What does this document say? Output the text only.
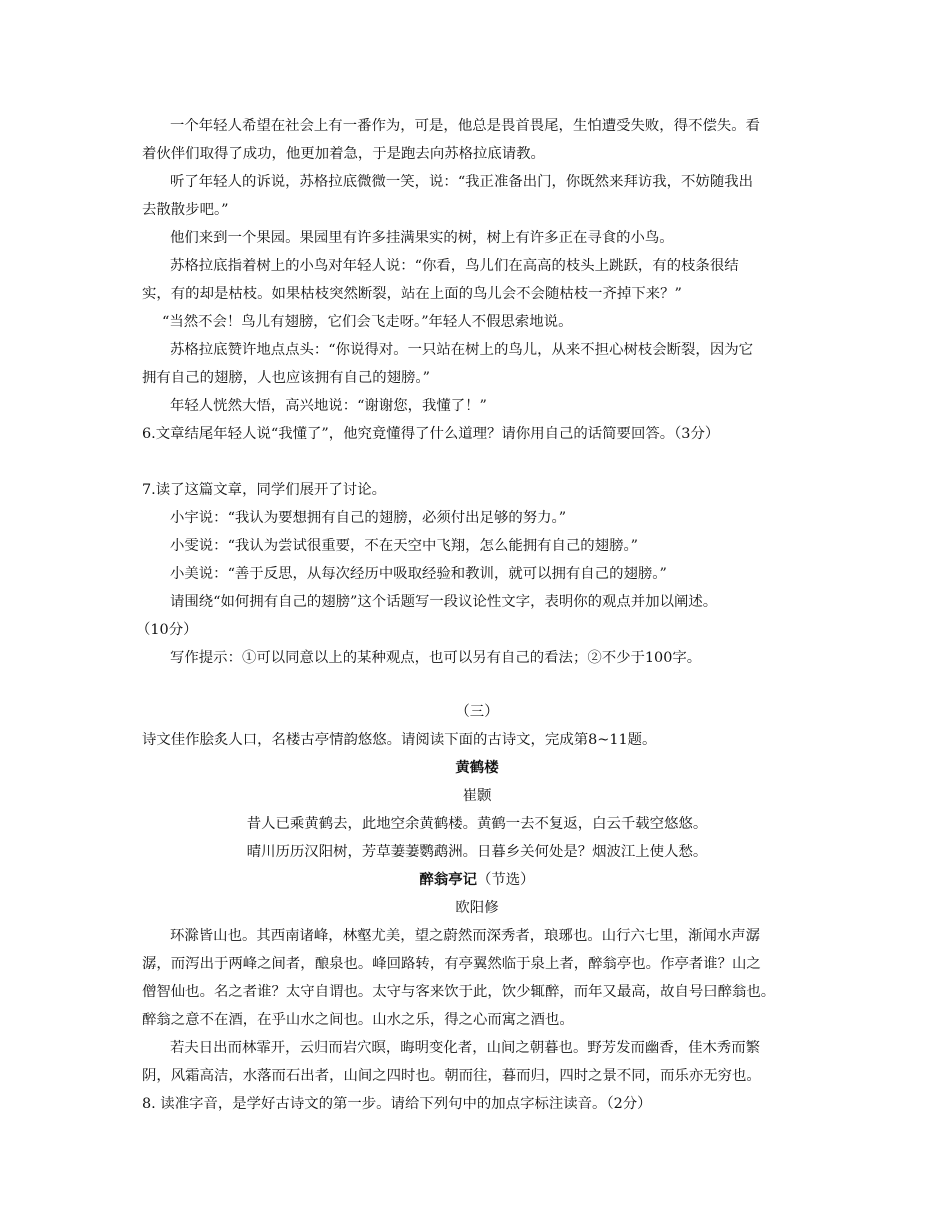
一个年轻人希望在社会上有一番作为，可是，他总是畏首畏尾，生怕遭受失败，得不偿失。看
着伙伴们取得了成功，他更加着急，于是跑去向苏格拉底请教。
听了年轻人的诉说，苏格拉底微微一笑，说：“我正准备出门，你既然来拜访我，不妨随我出
去散散步吧。”
他们来到一个果园。果园里有许多挂满果实的树，树上有许多正在寻食的小鸟。
苏格拉底指着树上的小鸟对年轻人说：“你看，鸟儿们在高高的枝头上跳跃，有的枝条很结
实，有的却是枯枝。如果枯枝突然断裂，站在上面的鸟儿会不会随枯枝一齐掉下来？”
“当然不会！鸟儿有翅膀，它们会飞走呀。”年轻人不假思索地说。
苏格拉底赞许地点点头：“你说得对。一只站在树上的鸟儿，从来不担心树枝会断裂，因为它
拥有自己的翅膀，人也应该拥有自己的翅膀。”
年轻人恍然大悟，高兴地说：“谢谢您，我懂了！”
6.文章结尾年轻人说“我懂了”，他究竟懂得了什么道理？请你用自己的话简要回答。（3分）
7.读了这篇文章，同学们展开了讨论。
小宇说：“我认为要想拥有自己的翅膀，必须付出足够的努力。”
小雯说：“我认为尝试很重要，不在天空中飞翔，怎么能拥有自己的翅膀。”
小美说：“善于反思，从每次经历中吸取经验和教训，就可以拥有自己的翅膀。”
请围绕“如何拥有自己的翅膀”这个话题写一段议论性文字，表明你的观点并加以阐述。
（10分）
写作提示：①可以同意以上的某种观点，也可以另有自己的看法；②不少于100字。
（三）
诗文佳作脍炙人口，名楼古亭情韵悠悠。请阅读下面的古诗文，完成第8~11题。
黄鹤楼
崔颢
昔人已乘黄鹤去，此地空余黄鹤楼。黄鹤一去不复返，白云千载空悠悠。
晴川历历汉阳树，芳草萋萋鹦鹉洲。日暮乡关何处是？烟波江上使人愁。
醉翁亭记（节选）
欧阳修
环滁皆山也。其西南诸峰，林壑尤美，望之蔚然而深秀者，琅琊也。山行六七里，渐闻水声潺
潺，而泻出于两峰之间者，酿泉也。峰回路转，有亭翼然临于泉上者，醉翁亭也。作亭者谁？山之
僧智仙也。名之者谁？太守自谓也。太守与客来饮于此，饮少辄醉，而年又最高，故自号曰醉翁也。
醉翁之意不在酒，在乎山水之间也。山水之乐，得之心而寓之酒也。
若夫日出而林霏开，云归而岩穴暝，晦明变化者，山间之朝暮也。野芳发而幽香，佳木秀而繁
阴，风霜高洁，水落而石出者，山间之四时也。朝而往，暮而归，四时之景不同，而乐亦无穷也。
8. 读准字音，是学好古诗文的第一步。请给下列句中的加点字标注读音。（2分）
